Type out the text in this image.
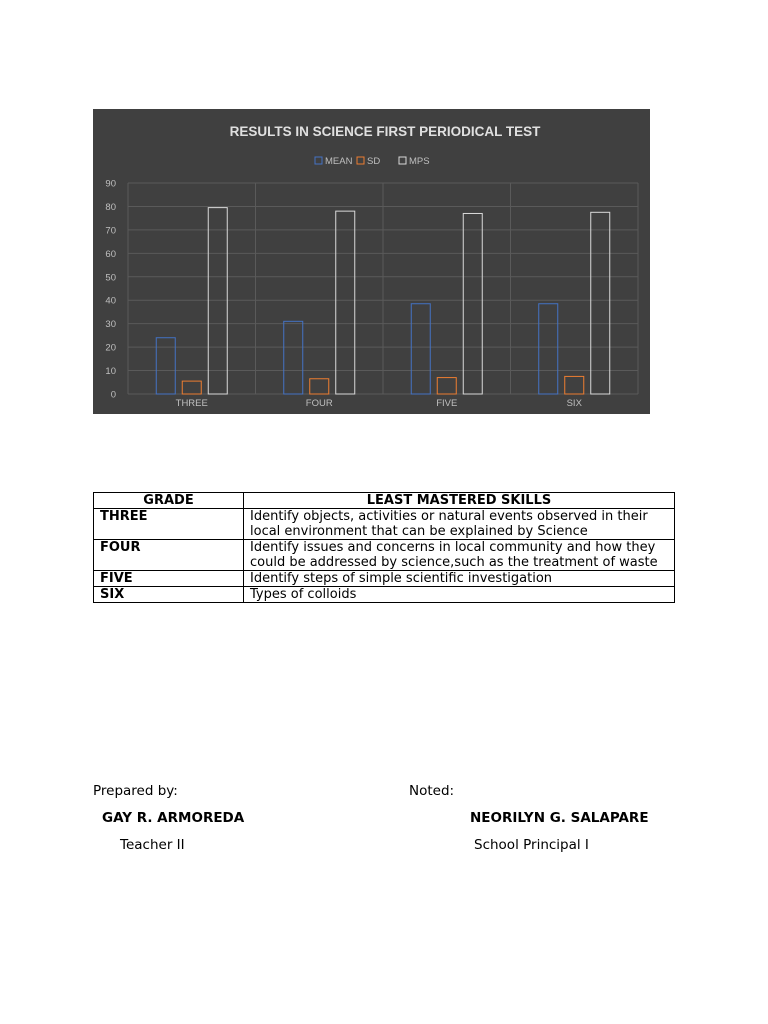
RESULTS IN SCIENCE FIRST PERIODICAL TEST
MEAN SD	MPS
0
10
20
30
40
50
60
70
80
90
THREE	FOUR	FIVE	SIX
GRADE	LEAST MASTERED SKILLS
THREE	Identify objects, activities or natural events observed in their local environment that can be explained by Science
FOUR	Identify issues and concerns in local community and how they could be addressed by science,such as the treatment of waste
FIVE	Identify steps of simple scientific investigation
SIX	Types of colloids
Prepared by:
GAY R. ARMOREDA
Teacher II
Noted:
NEORILYN G. SALAPARE
School Principal I
